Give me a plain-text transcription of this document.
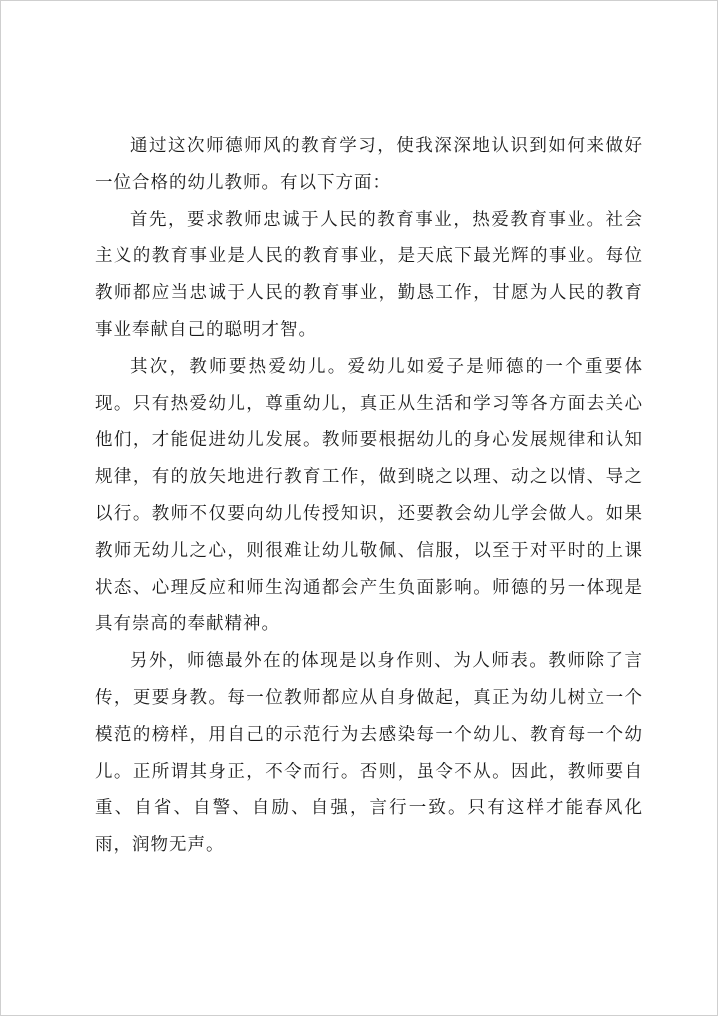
通过这次师德师风的教育学习，使我深深地认识到如何来做好一位合格的幼儿教师。有以下方面：

首先，要求教师忠诚于人民的教育事业，热爱教育事业。社会主义的教育事业是人民的教育事业，是天底下最光辉的事业。每位教师都应当忠诚于人民的教育事业，勤恳工作，甘愿为人民的教育事业奉献自己的聪明才智。

其次，教师要热爱幼儿。爱幼儿如爱子是师德的一个重要体现。只有热爱幼儿，尊重幼儿，真正从生活和学习等各方面去关心他们，才能促进幼儿发展。教师要根据幼儿的身心发展规律和认知规律，有的放矢地进行教育工作，做到晓之以理、动之以情、导之以行。教师不仅要向幼儿传授知识，还要教会幼儿学会做人。如果教师无幼儿之心，则很难让幼儿敬佩、信服，以至于对平时的上课状态、心理反应和师生沟通都会产生负面影响。师德的另一体现是具有崇高的奉献精神。

另外，师德最外在的体现是以身作则、为人师表。教师除了言传，更要身教。每一位教师都应从自身做起，真正为幼儿树立一个模范的榜样，用自己的示范行为去感染每一个幼儿、教育每一个幼儿。正所谓其身正，不令而行。否则，虽令不从。因此，教师要自重、自省、自警、自励、自强，言行一致。只有这样才能春风化雨，润物无声。
